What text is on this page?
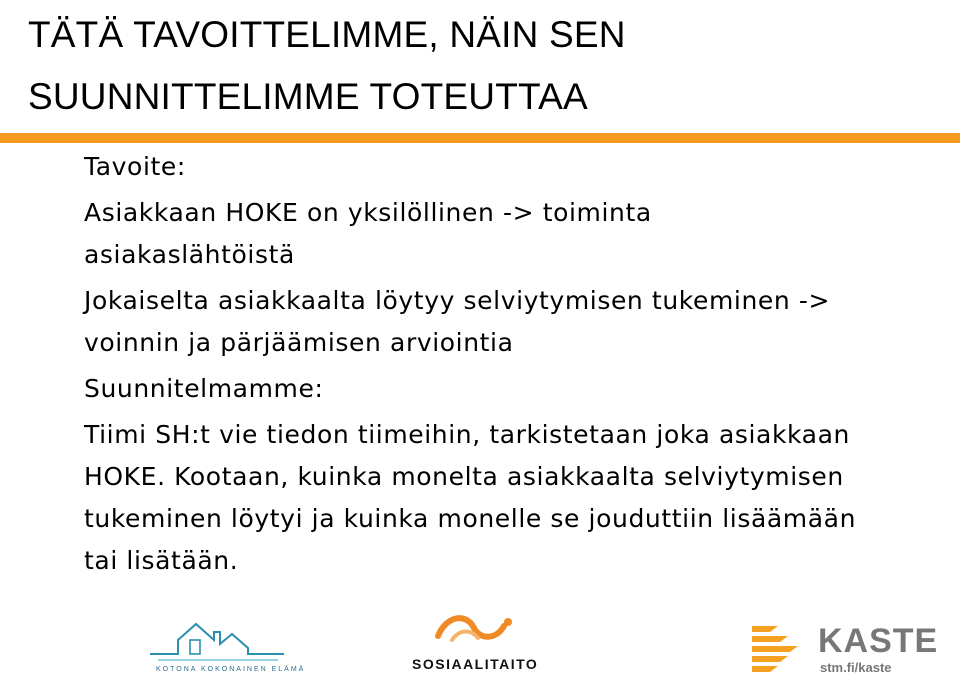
TÄTÄ TAVOITTELIMME, NÄIN SEN
SUUNNITTELIMME TOTEUTTAA

Tavoite:

Asiakkaan HOKE on yksilöllinen -> toiminta

asiakaslähtöistä

Jokaiselta asiakkaalta löytyy selviytymisen tukeminen ->

voinnin ja pärjäämisen arviointia

Suunnitelmamme:

Tiimi SH:t vie tiedon tiimeihin, tarkistetaan joka asiakkaan

HOKE. Kootaan, kuinka monelta asiakkaalta selviytymisen

tukeminen löytyi ja kuinka monelle se jouduttiin lisäämään

tai lisätään.

KOTONA KOKONAINEN ELÄMÄ	SOSIAALITAITO
KASTE
stm.fi/kaste
